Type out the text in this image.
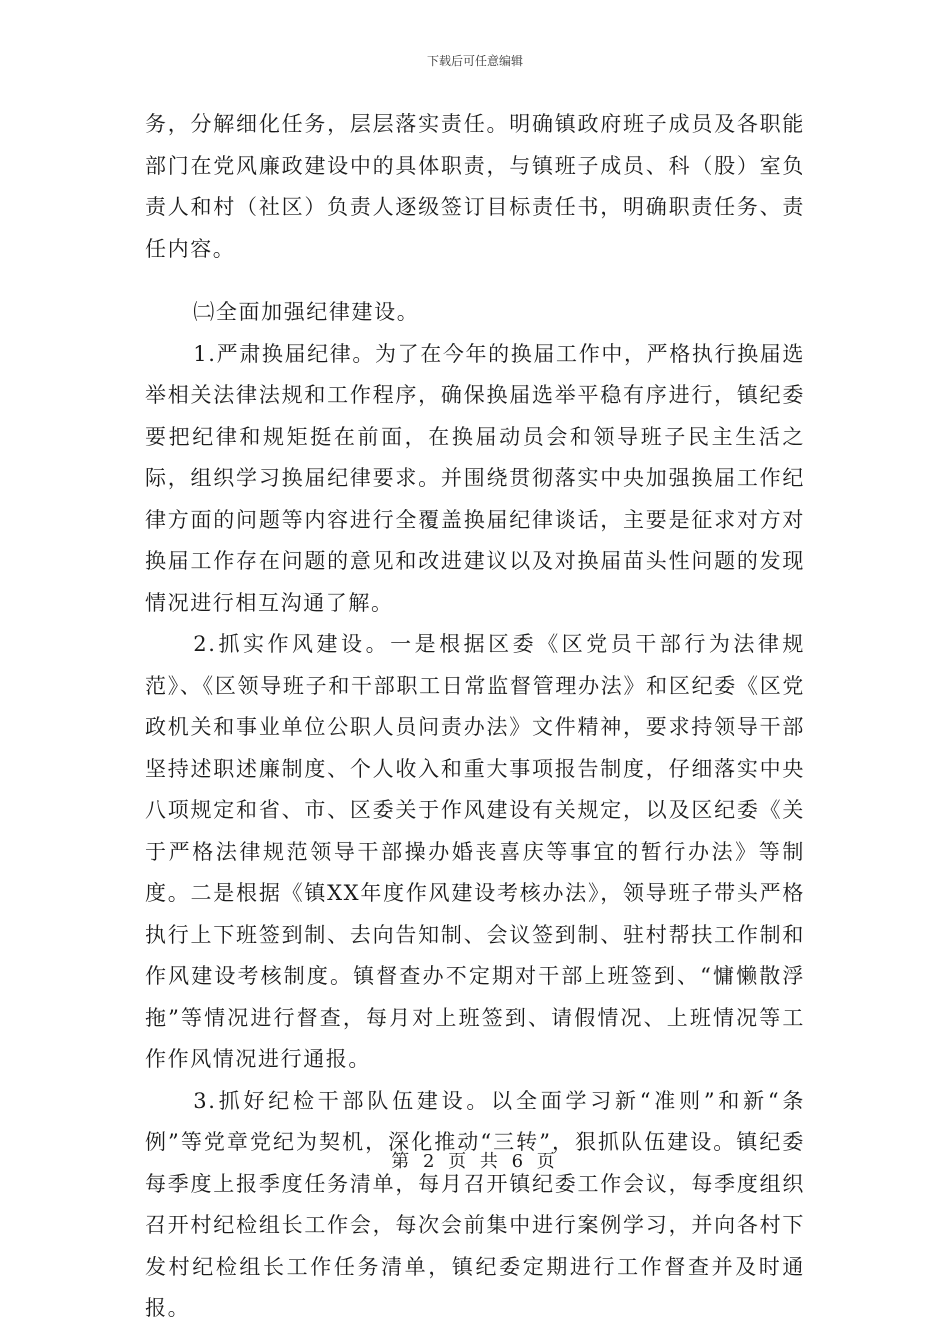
下载后可任意编辑

务，分解细化任务，层层落实责任。明确镇政府班子成员及各职能部门在党风廉政建设中的具体职责，与镇班子成员、科（股）室负责人和村（社区）负责人逐级签订目标责任书，明确职责任务、责任内容。

㈡全面加强纪律建设。

1.严肃换届纪律。为了在今年的换届工作中，严格执行换届选举相关法律法规和工作程序，确保换届选举平稳有序进行，镇纪委要把纪律和规矩挺在前面，在换届动员会和领导班子民主生活之际，组织学习换届纪律要求。并围绕贯彻落实中央加强换届工作纪律方面的问题等内容进行全覆盖换届纪律谈话，主要是征求对方对换届工作存在问题的意见和改进建议以及对换届苗头性问题的发现情况进行相互沟通了解。

2.抓实作风建设。一是根据区委《区党员干部行为法律规范》、《区领导班子和干部职工日常监督管理办法》和区纪委《区党政机关和事业单位公职人员问责办法》文件精神，要求持领导干部坚持述职述廉制度、个人收入和重大事项报告制度，仔细落实中央八项规定和省、市、区委关于作风建设有关规定，以及区纪委《关于严格法律规范领导干部操办婚丧喜庆等事宜的暂行办法》等制度。二是根据《镇XX年度作风建设考核办法》，领导班子带头严格执行上下班签到制、去向告知制、会议签到制、驻村帮扶工作制和作风建设考核制度。镇督查办不定期对干部上班签到、“慵懒散浮拖”等情况进行督查，每月对上班签到、请假情况、上班情况等工作作风情况进行通报。

3.抓好纪检干部队伍建设。以全面学习新“准则”和新“条例”等党章党纪为契机，深化推动“三转”，狠抓队伍建设。镇纪委每季度上报季度任务清单，每月召开镇纪委工作会议，每季度组织召开村纪检组长工作会，每次会前集中进行案例学习，并向各村下发村纪检组长工作任务清单，镇纪委定期进行工作督查并及时通报。

第 2 页 共 6 页
